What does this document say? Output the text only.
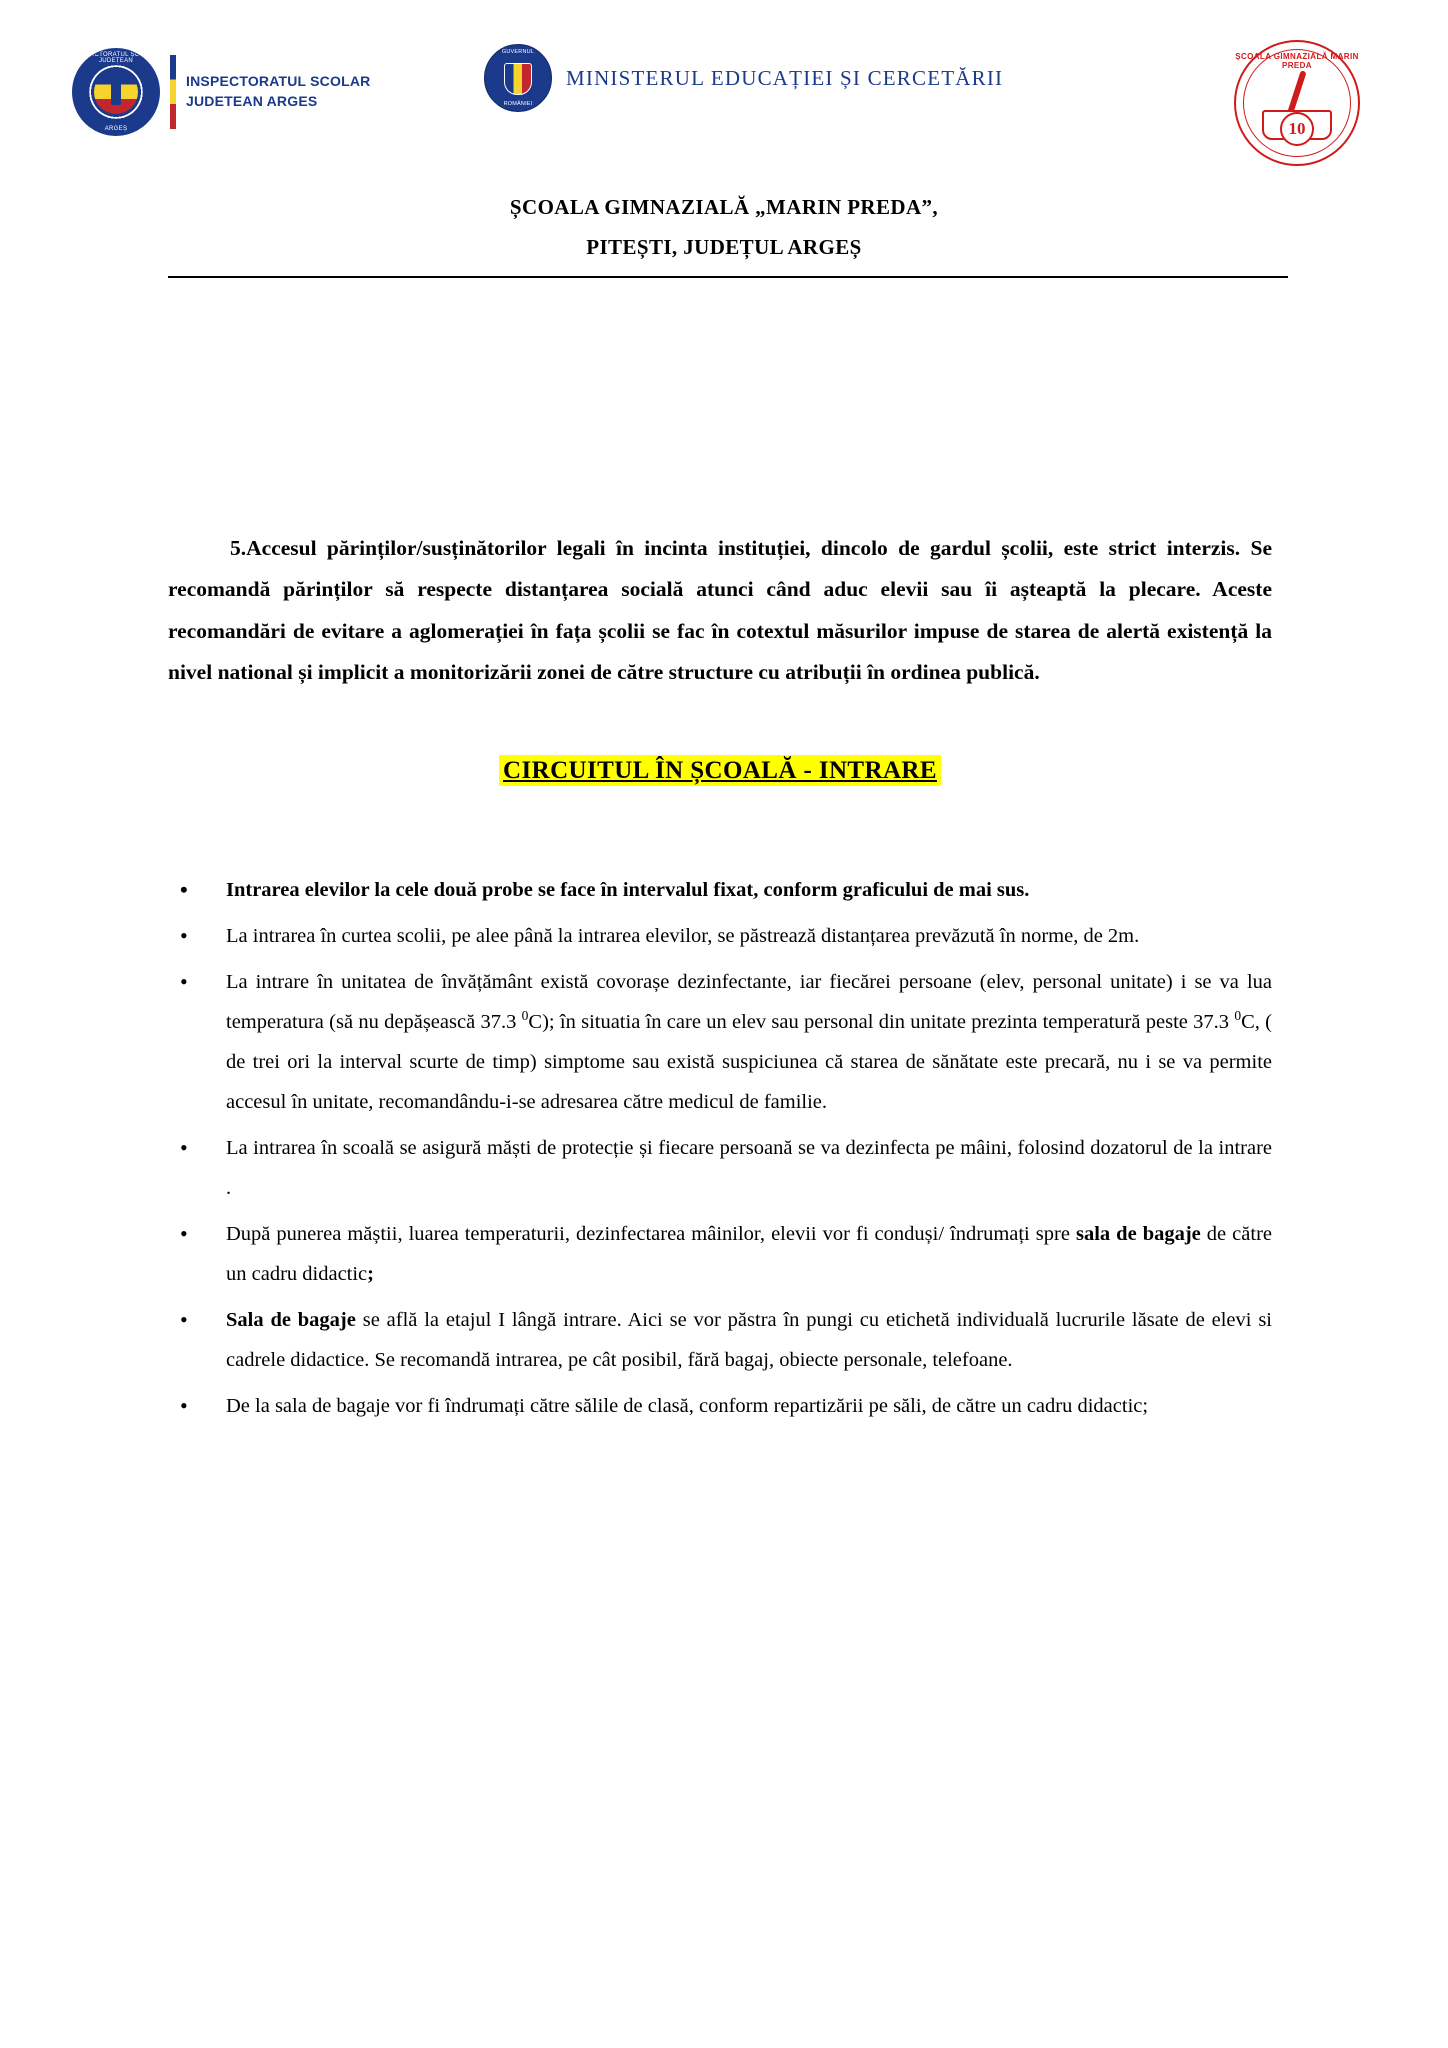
INSPECTORATUL ȘCOLAR JUDEȚEAN
ARGEȘ
INSPECTORATUL SCOLAR
JUDETEAN ARGES
GUVERNUL
ROMÂNIEI
MINISTERUL EDUCAȚIEI ȘI CERCETĂRII
ȘCOALA GIMNAZIALĂ MARIN PREDA
10
ȘCOALA GIMNAZIALĂ „MARIN PREDA”,
PITEȘTI, JUDEȚUL ARGEȘ

5.Accesul părinților/susținătorilor legali în incinta instituției, dincolo de gardul școlii, este strict interzis. Se recomandă părinților să respecte distanțarea socială atunci când aduc elevii sau îi așteaptă la plecare. Aceste recomandări de evitare a aglomerației în fața școlii se fac în cotextul măsurilor impuse de starea de alertă existență la nivel national și implicit a monitorizării zonei de către structure cu atribuții în ordinea publică.

CIRCUITUL ÎN ȘCOALĂ - INTRARE
• Intrarea elevilor la cele două probe se face în intervalul fixat, conform graficului de mai sus.
• La intrarea în curtea scolii, pe alee până la intrarea elevilor, se păstrează distanțarea prevăzută în norme, de 2m.
• La intrare în unitatea de învățământ există covorașe dezinfectante, iar fiecărei persoane (elev, personal unitate) i se va lua temperatura (să nu depășească 37.3 $^0$C); în situatia în care un elev sau personal din unitate prezinta temperatură peste 37.3 $^0$C, ( de trei ori la interval scurte de timp) simptome sau există suspiciunea că starea de sănătate este precară, nu i se va permite accesul în unitate, recomandându-i-se adresarea către medicul de familie.
• La intrarea în scoală se asigură măști de protecție și fiecare persoană se va dezinfecta pe mâini, folosind dozatorul de la intrare .
• După punerea măștii, luarea temperaturii, dezinfectarea mâinilor, elevii vor fi conduși/ îndrumați spre sala de bagaje de către un cadru didactic;
• Sala de bagaje se află la etajul I lângă intrare. Aici se vor păstra în pungi cu etichetă individuală lucrurile lăsate de elevi si cadrele didactice. Se recomandă intrarea, pe cât posibil, fără bagaj, obiecte personale, telefoane.
• De la sala de bagaje vor fi îndrumați către sălile de clasă, conform repartizării pe săli, de către un cadru didactic;
